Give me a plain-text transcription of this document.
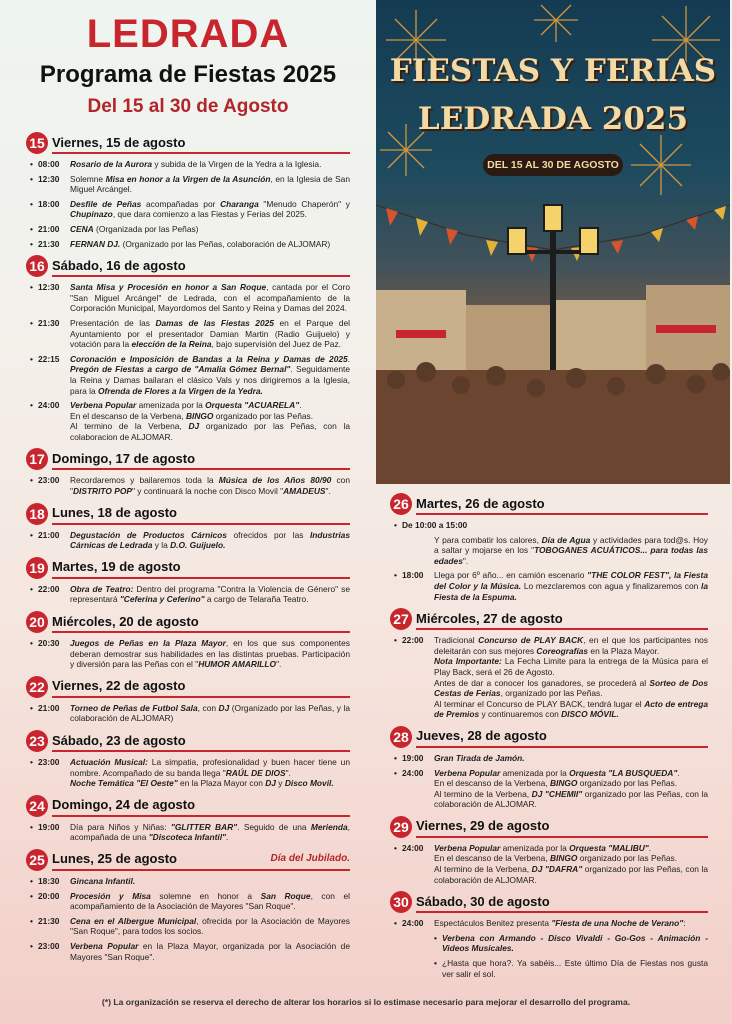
LEDRADA
Programa de Fiestas 2025
Del 15 al 30 de Agosto
FIESTAS Y FERIAS
LEDRADA 2025
DEL 15 AL 30 DE AGOSTO
15 Viernes, 15 de agosto
• 08:00	Rosario de la Aurora y subida de la Virgen de la Yedra a la Iglesia.
• 12:30	Solemne Misa en honor a la Virgen de la Asunción, en la Iglesia de San Miguel Arcángel.
• 18:00	Desfile de Peñas acompañadas por Charanga "Menudo Chaperón" y Chupinazo, que dara comienzo a las Fiestas y Ferias del 2025.
• 21:00	CENA (Organizada por las Peñas)
• 21:30	FERNAN DJ. (Organizado por las Peñas, colaboración de ALJOMAR)
16 Sábado, 16 de agosto
• 12:30	Santa Misa y Procesión en honor a San Roque, cantada por el Coro "San Miguel Arcángel" de Ledrada, con el acompañamiento de la Corporación Municipal, Mayordomos del Santo y Reina y Damas del 2024.
• 21:30	Presentación de las Damas de las Fiestas 2025 en el Parque del Ayuntamiento por el presentador Damian Martin (Radio Guijuelo) y votación para la elección de la Reina, bajo supervisión del Juez de Paz.
• 22:15	Coronación e Imposición de Bandas a la Reina y Damas de 2025. Pregón de Fiestas a cargo de "Amalia Gómez Bernal". Seguidamente la Reina y Damas bailaran el clásico Vals y nos dirigiremos a la Iglesia, para la Ofrenda de Flores a la Virgen de la Yedra.
• 24:00	Verbena Popular amenizada por la Orquesta "ACUARELA".
En el descanso de la Verbena, BINGO organizado por las Peñas.
Al termino de la Verbena, DJ organizado por las Peñas, con la colaboracion de ALJOMAR.
17 Domingo, 17 de agosto
• 23:00	Recordaremos y bailaremos toda la Música de los Años 80/90 con "DISTRITO POP" y continuará la noche con Disco Movil "AMADEUS".
18 Lunes, 18 de agosto
• 21:00	Degustación de Productos Cárnicos ofrecidos por las Industrias Cárnicas de Ledrada y la D.O. Guijuelo.
19 Martes, 19 de agosto
• 22:00	Obra de Teatro: Dentro del programa "Contra la Violencia de Género" se representará "Ceferina y Ceferino" a cargo de Telaraña Teatro.
20 Miércoles, 20 de agosto
• 20:30	Juegos de Peñas en la Plaza Mayor, en los que sus componentes deberan demostrar sus habilidades en las distintas pruebas. Participación y diversión para las Peñas con el "HUMOR AMARILLO".
22 Viernes, 22 de agosto
• 21:00	Torneo de Peñas de Futbol Sala, con DJ (Organizado por las Peñas, y la colaboración de ALJOMAR)
23 Sábado, 23 de agosto
• 23:00	Actuación Musical: La simpatia, profesionalidad y buen hacer tiene un nombre. Acompañado de su banda llega "RAÚL DE DIOS".
Noche Temática "El Oeste" en la Plaza Mayor con DJ y Disco Movil.
24 Domingo, 24 de agosto
• 19:00	Día para Niños y Niñas: "GLITTER BAR". Seguido de una Merienda, acompañada de una "Discoteca Infantil".
25 Lunes, 25 de agosto	Día del Jubilado.
• 18:30	Gincana Infantil.
• 20:00	Procesión y Misa solemne en honor a San Roque, con el acompañamiento de la Asociación de Mayores "San Roque".
• 21:30	Cena en el Albergue Municipal, ofrecida por la Asociación de Mayores "San Roque", para todos los socios.
• 23:00	Verbena Popular en la Plaza Mayor, organizada por la Asociación de Mayores "San Roque".
26 Martes, 26 de agosto
• De 10:00 a 15:00
Y para combatir los calores, Día de Agua y actividades para tod@s. Hoy a saltar y mojarse en los "TOBOGANES ACUÁTICOS... para todas las edades".
• 18:00	Llega por 6º año... en camión escenario "THE COLOR FEST", la Fiesta del Color y la Música. Lo mezclaremos con agua y finalizaremos con la Fiesta de la Espuma.
27 Miércoles, 27 de agosto
• 22:00	Tradicional Concurso de PLAY BACK, en el que los participantes nos deleitarán con sus mejores Coreografías en la Plaza Mayor.
Nota Importante: La Fecha Limite para la entrega de la Música para el Play Back, será el 26 de Agosto.
Antes de dar a conocer los ganadores, se procederá al Sorteo de Dos Cestas de Ferias, organizado por las Peñas.
Al terminar el Concurso de PLAY BACK, tendrá lugar el Acto de entrega de Premios y continuaremos con DISCO MÓVIL.
28 Jueves, 28 de agosto
• 19:00	Gran Tirada de Jamón.
• 24:00	Verbena Popular amenizada por la Orquesta "LA BUSQUEDA".
En el descanso de la Verbena, BINGO organizado por las Peñas.
Al termino de la Verbena, DJ "CHEMII" organizado por las Peñas, con la colaboración de ALJOMAR.
29 Viernes, 29 de agosto
• 24:00	Verbena Popular amenizada por la Orquesta "MALIBU".
En el descanso de la Verbena, BINGO organizado por las Peñas.
Al termino de la Verbena, DJ "DAFRA" organizado por las Peñas, con la colaboración de ALJOMAR.
30 Sábado, 30 de agosto
• 24:00	Espectáculos Benitez presenta "Fiesta de una Noche de Verano":
• Verbena con Armando - Disco Vivaldi - Go-Gos - Animación - Videos Musicales.
• ¿Hasta que hora?. Ya sabéis... Este último Día de Fiestas nos gusta ver salir el sol.
(*) La organización se reserva el derecho de alterar los horarios si lo estimase necesario para mejorar el desarrollo del programa.
